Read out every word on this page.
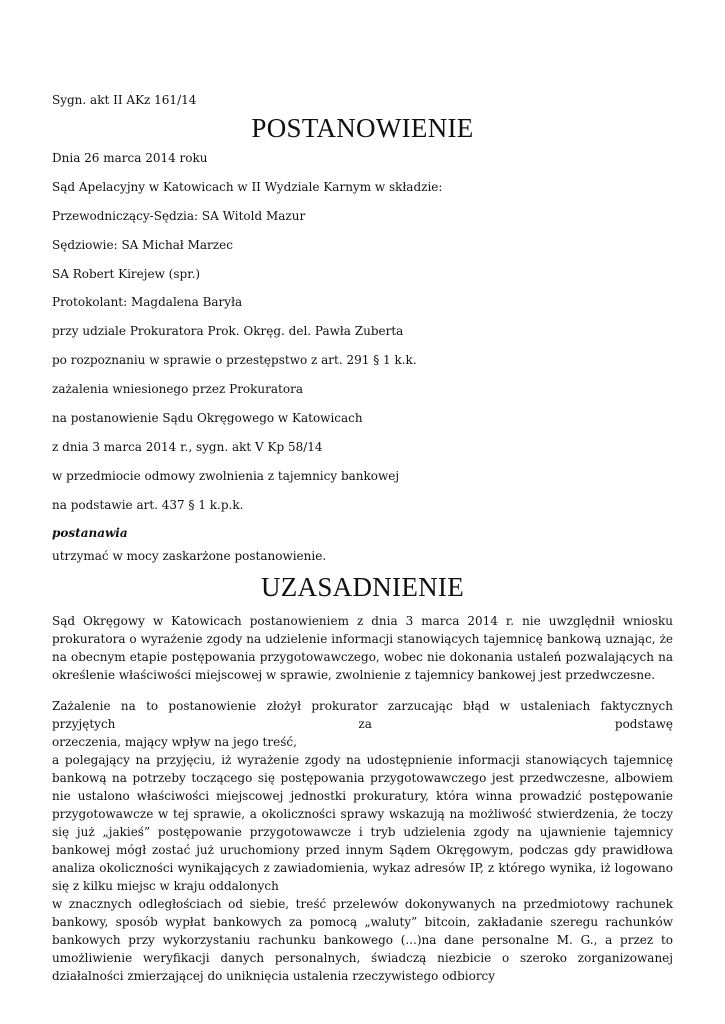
Sygn. akt II AKz 161/14
POSTANOWIENIE
Dnia 26 marca 2014 roku
Sąd Apelacyjny w Katowicach w II Wydziale Karnym w składzie:
Przewodniczący-Sędzia: SA Witold Mazur
Sędziowie: SA Michał Marzec
SA Robert Kirejew (spr.)
Protokolant: Magdalena Baryła
przy udziale Prokuratora Prok. Okręg. del. Pawła Zuberta
po rozpoznaniu w sprawie o przestępstwo z art. 291 § 1 k.k.
zażalenia wniesionego przez Prokuratora
na postanowienie Sądu Okręgowego w Katowicach
z dnia 3 marca 2014 r., sygn. akt V Kp 58/14
w przedmiocie odmowy zwolnienia z tajemnicy bankowej
na podstawie art. 437 § 1 k.p.k.
postanawia
utrzymać w mocy zaskarżone postanowienie.
UZASADNIENIE
Sąd Okręgowy w Katowicach postanowieniem z dnia 3 marca 2014 r. nie uwzględnił wniosku prokuratora o wyrażenie zgody na udzielenie informacji stanowiących tajemnicę bankową uznając, że na obecnym etapie postępowania przygotowawczego, wobec nie dokonania ustaleń pozwalających na określenie właściwości miejscowej w sprawie, zwolnienie z tajemnicy bankowej jest przedwczesne.
Zażalenie na to postanowienie złożył prokurator zarzucając błąd w ustaleniach faktycznych przyjętych za podstawę
orzeczenia, mający wpływ na jego treść,
a polegający na przyjęciu, iż wyrażenie zgody na udostępnienie informacji stanowiących tajemnicę bankową na potrzeby toczącego się postępowania przygotowawczego jest przedwczesne, albowiem nie ustalono właściwości miejscowej jednostki prokuratury, która winna prowadzić postępowanie przygotowawcze w tej sprawie, a okoliczności sprawy wskazują na możliwość stwierdzenia, że toczy się już „jakieś” postępowanie przygotowawcze i tryb udzielenia zgody na ujawnienie tajemnicy bankowej mógł zostać już uruchomiony przed innym Sądem Okręgowym, podczas gdy prawidłowa analiza okoliczności wynikających z zawiadomienia, wykaz adresów IP, z którego wynika, iż logowano się z kilku miejsc w kraju oddalonych
w znacznych odległościach od siebie, treść przelewów dokonywanych na przedmiotowy rachunek bankowy, sposób wypłat bankowych za pomocą „waluty” bitcoin, zakładanie szeregu rachunków bankowych przy wykorzystaniu rachunku bankowego (...)na dane personalne M. G., a przez to umożliwienie weryfikacji danych personalnych, świadczą niezbicie o szeroko zorganizowanej działalności zmierzającej do uniknięcia ustalenia rzeczywistego odbiorcy
